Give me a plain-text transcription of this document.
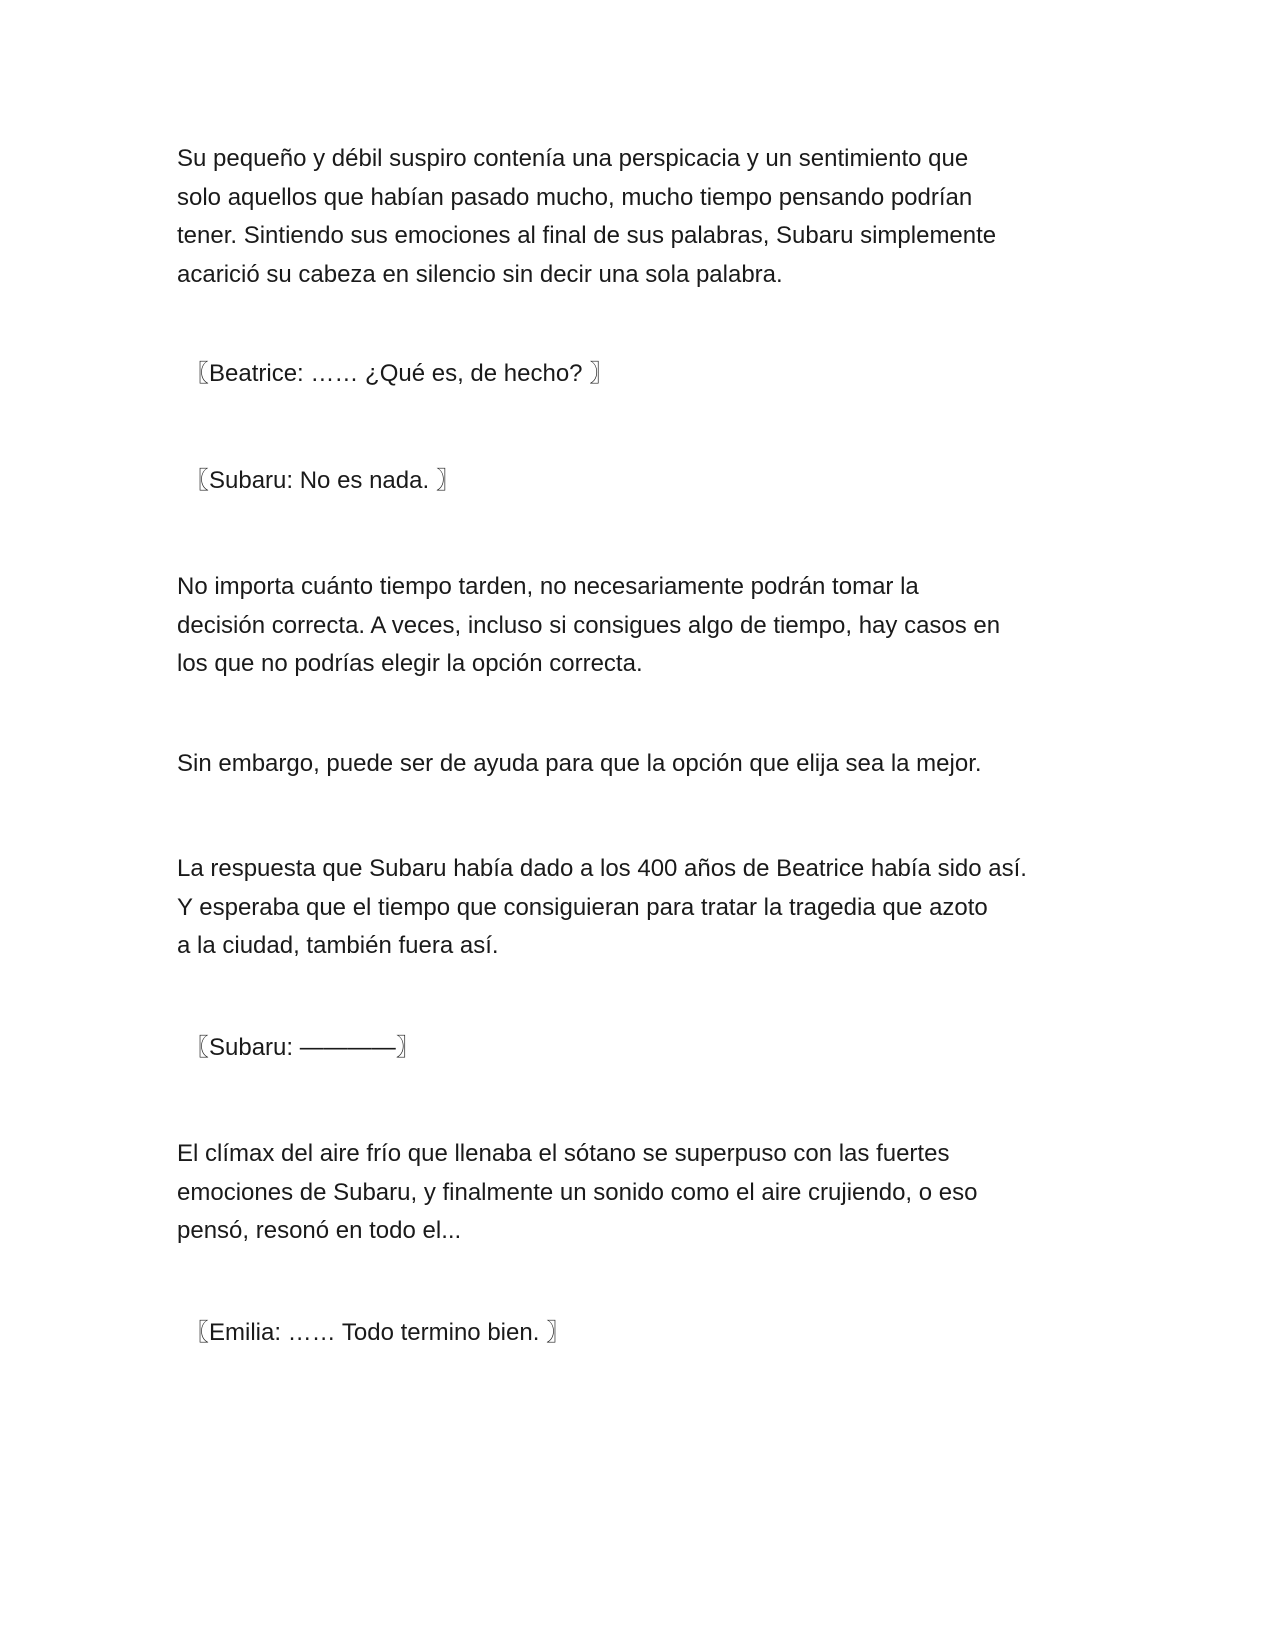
Su pequeño y débil suspiro contenía una perspicacia y un sentimiento que
solo aquellos que habían pasado mucho, mucho tiempo pensando podrían
tener. Sintiendo sus emociones al final de sus palabras, Subaru simplemente
acarició su cabeza en silencio sin decir una sola palabra.

〖Beatrice: …… ¿Qué es, de hecho? 〗

〖Subaru: No es nada. 〗

No importa cuánto tiempo tarden, no necesariamente podrán tomar la
decisión correcta. A veces, incluso si consigues algo de tiempo, hay casos en
los que no podrías elegir la opción correcta.

Sin embargo, puede ser de ayuda para que la opción que elija sea la mejor.

La respuesta que Subaru había dado a los 400 años de Beatrice había sido así.
Y esperaba que el tiempo que consiguieran para tratar la tragedia que azoto
a la ciudad, también fuera así.

〖Subaru: ————〗

El clímax del aire frío que llenaba el sótano se superpuso con las fuertes
emociones de Subaru, y finalmente un sonido como el aire crujiendo, o eso
pensó, resonó en todo el...

〖Emilia: …… Todo termino bien. 〗
